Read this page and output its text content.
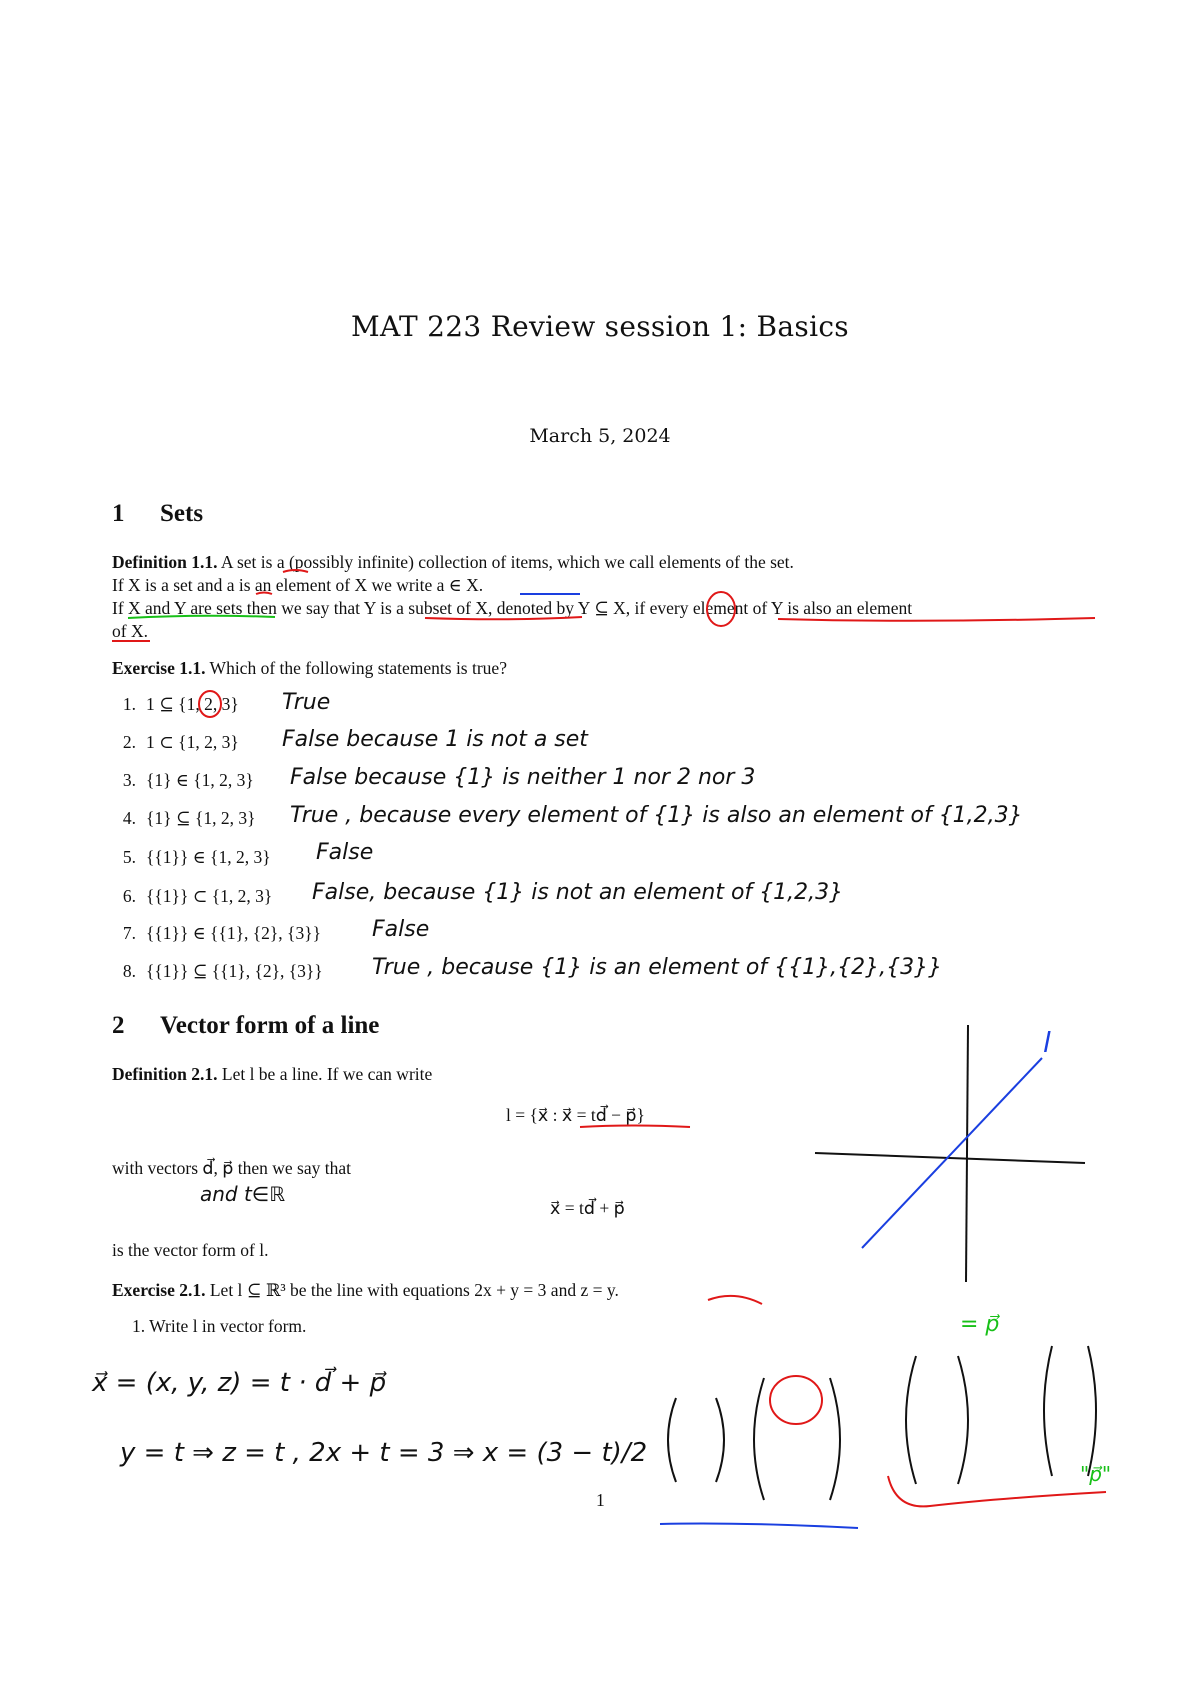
MAT 223 Review session 1: Basics
March 5, 2024
1 Sets
Definition 1.1. A set is a (possibly infinite) collection of items, which we call elements of the set.
If X is a set and a is an element of X we write a ∈ X.
If X and Y are sets then we say that Y is a subset of X, denoted by Y ⊆ X, if every element of Y is also an element
of X.
Exercise 1.1. Which of the following statements is true?
1. 1 ⊆ {1, 2, 3} True
2. 1 ⊂ {1, 2, 3} False because 1 is not a set
3. {1} ∈ {1, 2, 3} False because {1} is neither 1 nor 2 nor 3
4. {1} ⊆ {1, 2, 3} True , because every element of {1} is also an element of {1,2,3}
5. {{1}} ∈ {1, 2, 3} False
6. {{1}} ⊂ {1, 2, 3} False, because {1} is not an element of {1,2,3}
7. {{1}} ∈ {{1}, {2}, {3}} False
8. {{1}} ⊆ {{1}, {2}, {3}} True , because {1} is an element of {{1},{2},{3}}
2 Vector form of a line
Definition 2.1. Let l be a line. If we can write
l = {x⃗ : x⃗ = td⃗ − p⃗}
with vectors d⃗, p⃗ then we say that
and t∈ℝ
x⃗ = td⃗ + p⃗
is the vector form of l.
Exercise 2.1. Let l ⊆ ℝ³ be the line with equations 2x + y = 3 and z = y.
1. Write l in vector form.
l
x⃗ = (x, y, z) = t · d⃗ + p⃗
y = t ⇒ z = t , 2x + t = 3 ⇒ x = (3 − t)/2
= p⃗
"p⃗"
1
